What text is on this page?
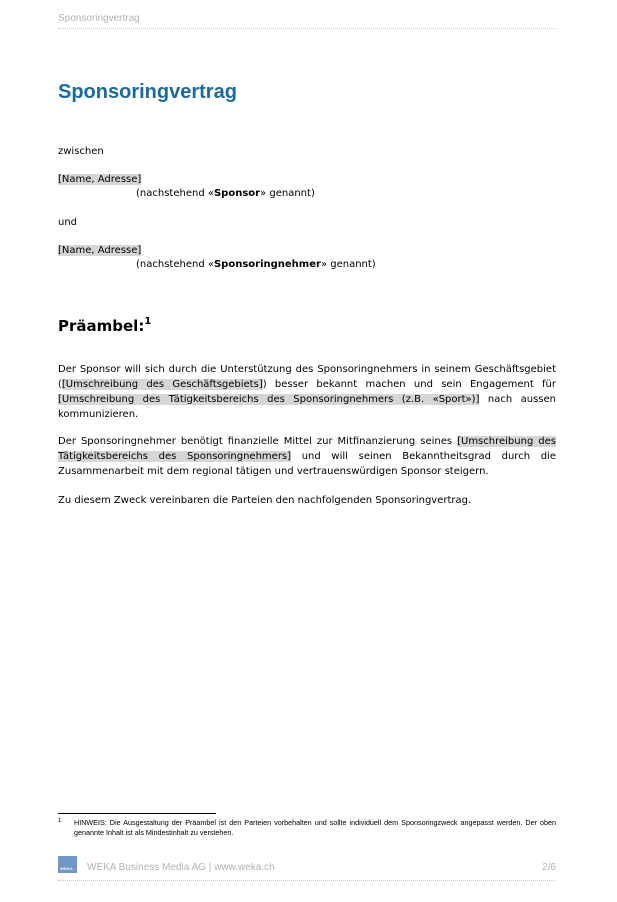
Sponsoringvertrag
Sponsoringvertrag
zwischen
[Name, Adresse]
(nachstehend «Sponsor» genannt)
und
[Name, Adresse]
(nachstehend «Sponsoringnehmer» genannt)
Präambel:$^1$

Der Sponsor will sich durch die Unterstützung des Sponsoringnehmers in seinem Geschäftsgebiet ([Umschreibung des Geschäftsgebiets]) besser bekannt machen und sein Engagement für [Umschreibung des Tätigkeitsbereichs des Sponsoringnehmers (z.B. «Sport»)] nach aussen kommunizieren.

Der Sponsoringnehmer benötigt finanzielle Mittel zur Mitfinanzierung seines [Umschreibung des Tätigkeitsbereichs des Sponsoringnehmers] und will seinen Bekanntheitsgrad durch die Zusammenarbeit mit dem regional tätigen und vertrauenswürdigen Sponsor steigern.

Zu diesem Zweck vereinbaren die Parteien den nachfolgenden Sponsoringvertrag.

1 HINWEIS: Die Ausgestaltung der Präambel ist den Parteien vorbehalten und sollte individuell dem Sponsoringzweck angepasst werden. Der oben genannte Inhalt ist als Mindestinhalt zu verstehen.
WEKA WEKA Business Media AG | www.weka.ch	2/6
